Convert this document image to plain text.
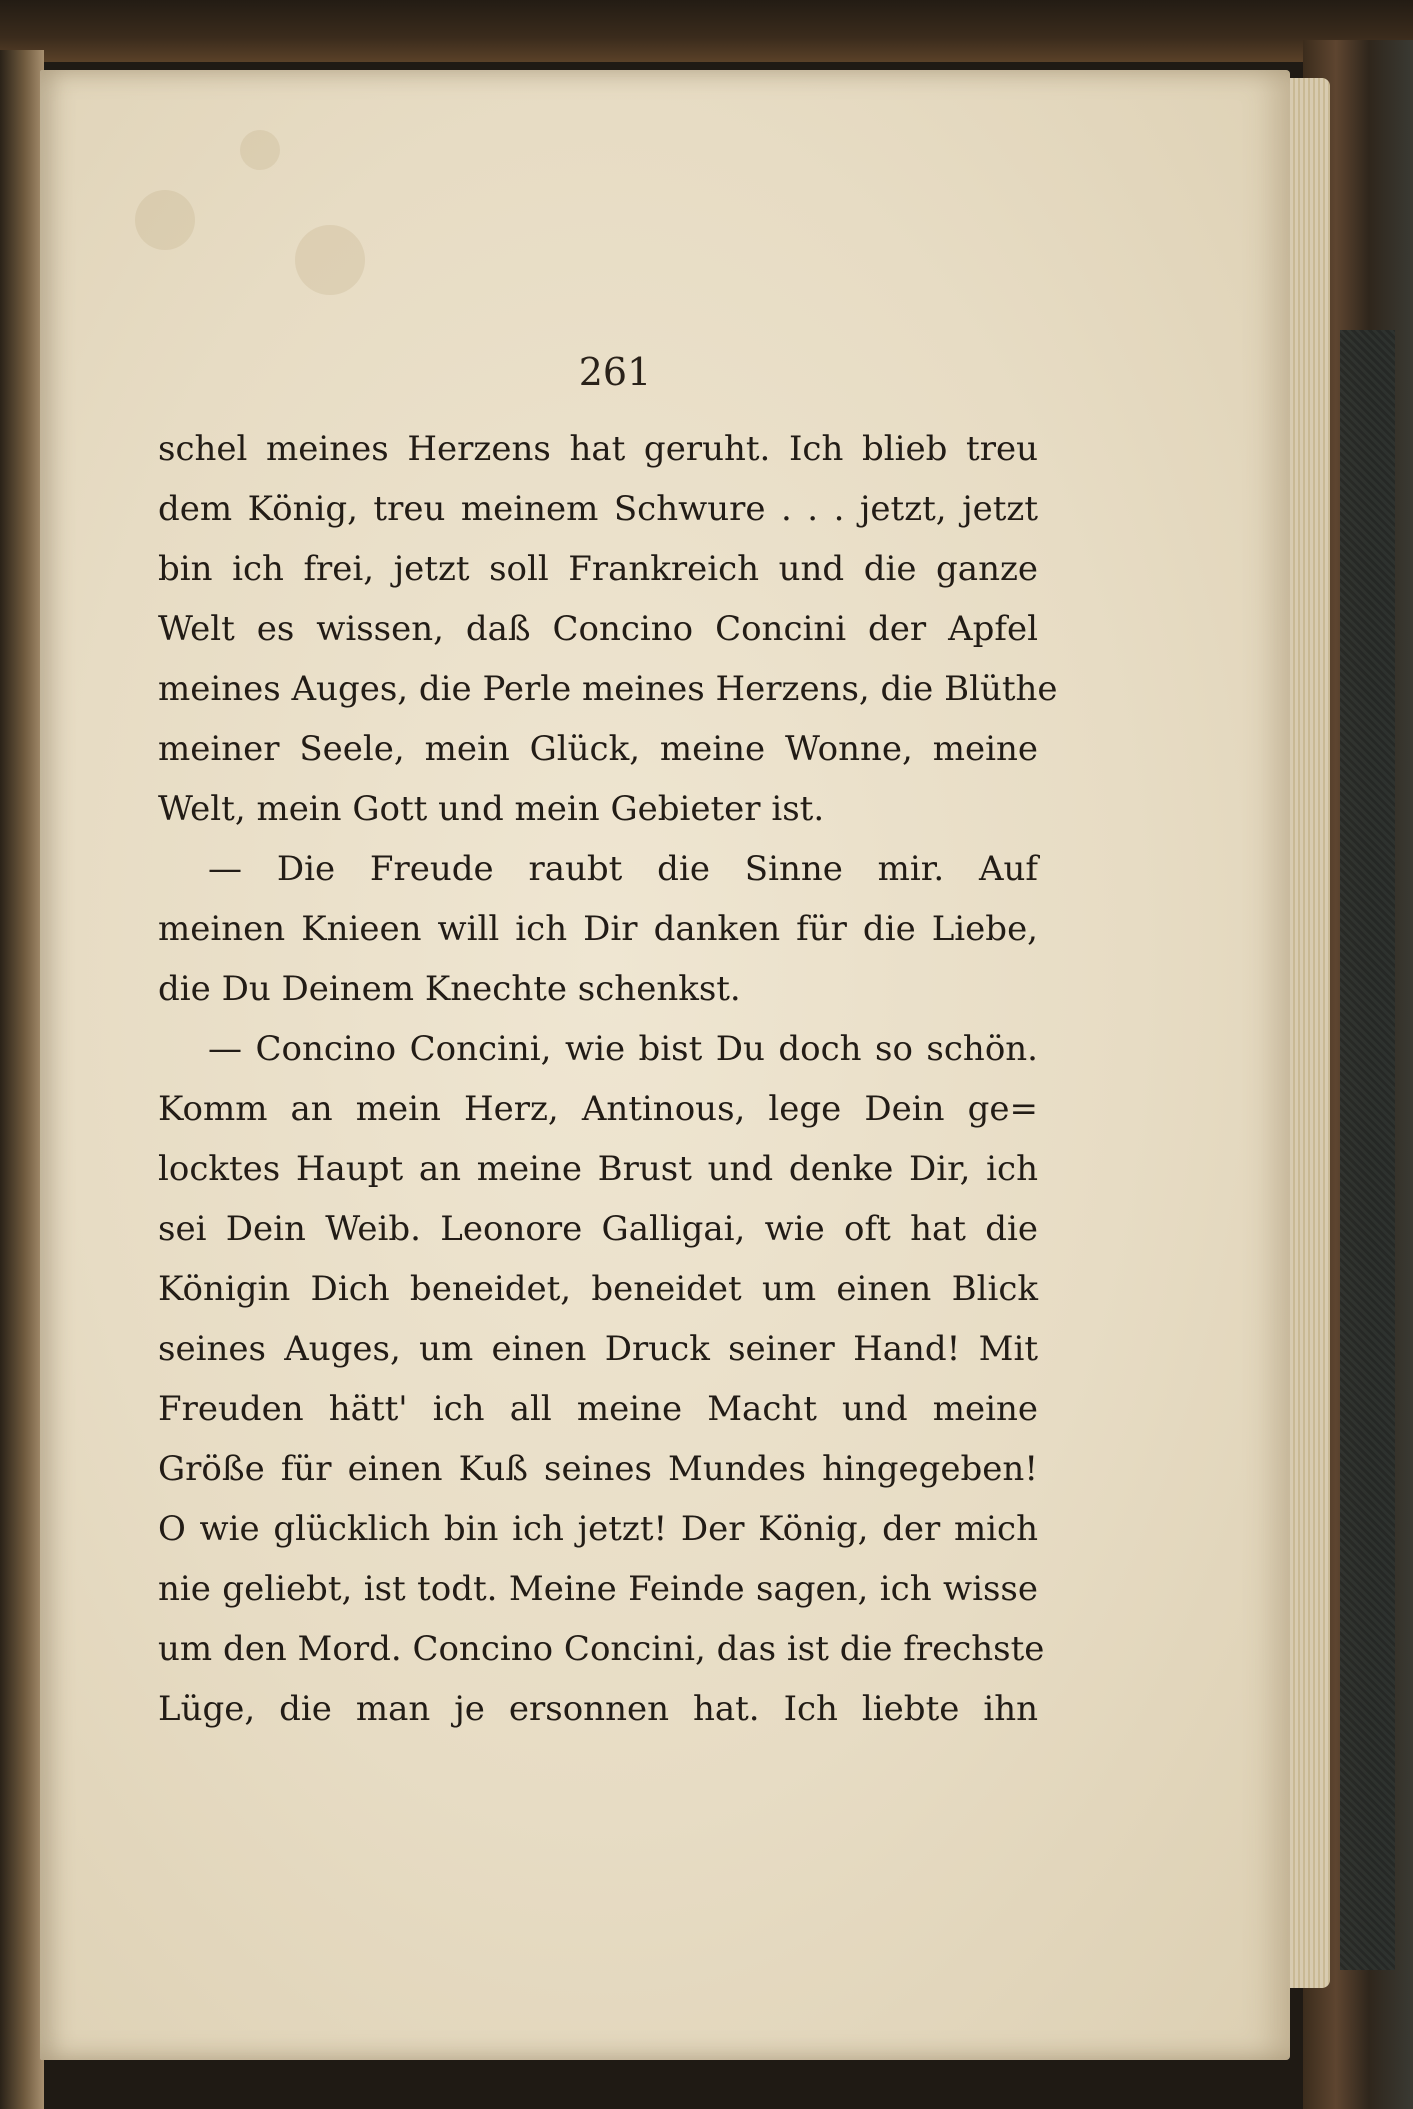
261
schel meines Herzens hat geruht. Ich blieb treu
dem König, treu meinem Schwure . . . jetzt, jetzt
bin ich frei, jetzt soll Frankreich und die ganze
Welt es wissen, daß Concino Concini der Apfel
meines Auges, die Perle meines Herzens, die Blüthe
meiner Seele, mein Glück, meine Wonne, meine
Welt, mein Gott und mein Gebieter ist.
— Die Freude raubt die Sinne mir. Auf
meinen Knieen will ich Dir danken für die Liebe,
die Du Deinem Knechte schenkst.
— Concino Concini, wie bist Du doch so schön.
Komm an mein Herz, Antinous, lege Dein ge=
locktes Haupt an meine Brust und denke Dir, ich
sei Dein Weib. Leonore Galligai, wie oft hat die
Königin Dich beneidet, beneidet um einen Blick
seines Auges, um einen Druck seiner Hand! Mit
Freuden hätt' ich all meine Macht und meine
Größe für einen Kuß seines Mundes hingegeben!
O wie glücklich bin ich jetzt! Der König, der mich
nie geliebt, ist todt. Meine Feinde sagen, ich wisse
um den Mord. Concino Concini, das ist die frechste
Lüge, die man je ersonnen hat. Ich liebte ihn
